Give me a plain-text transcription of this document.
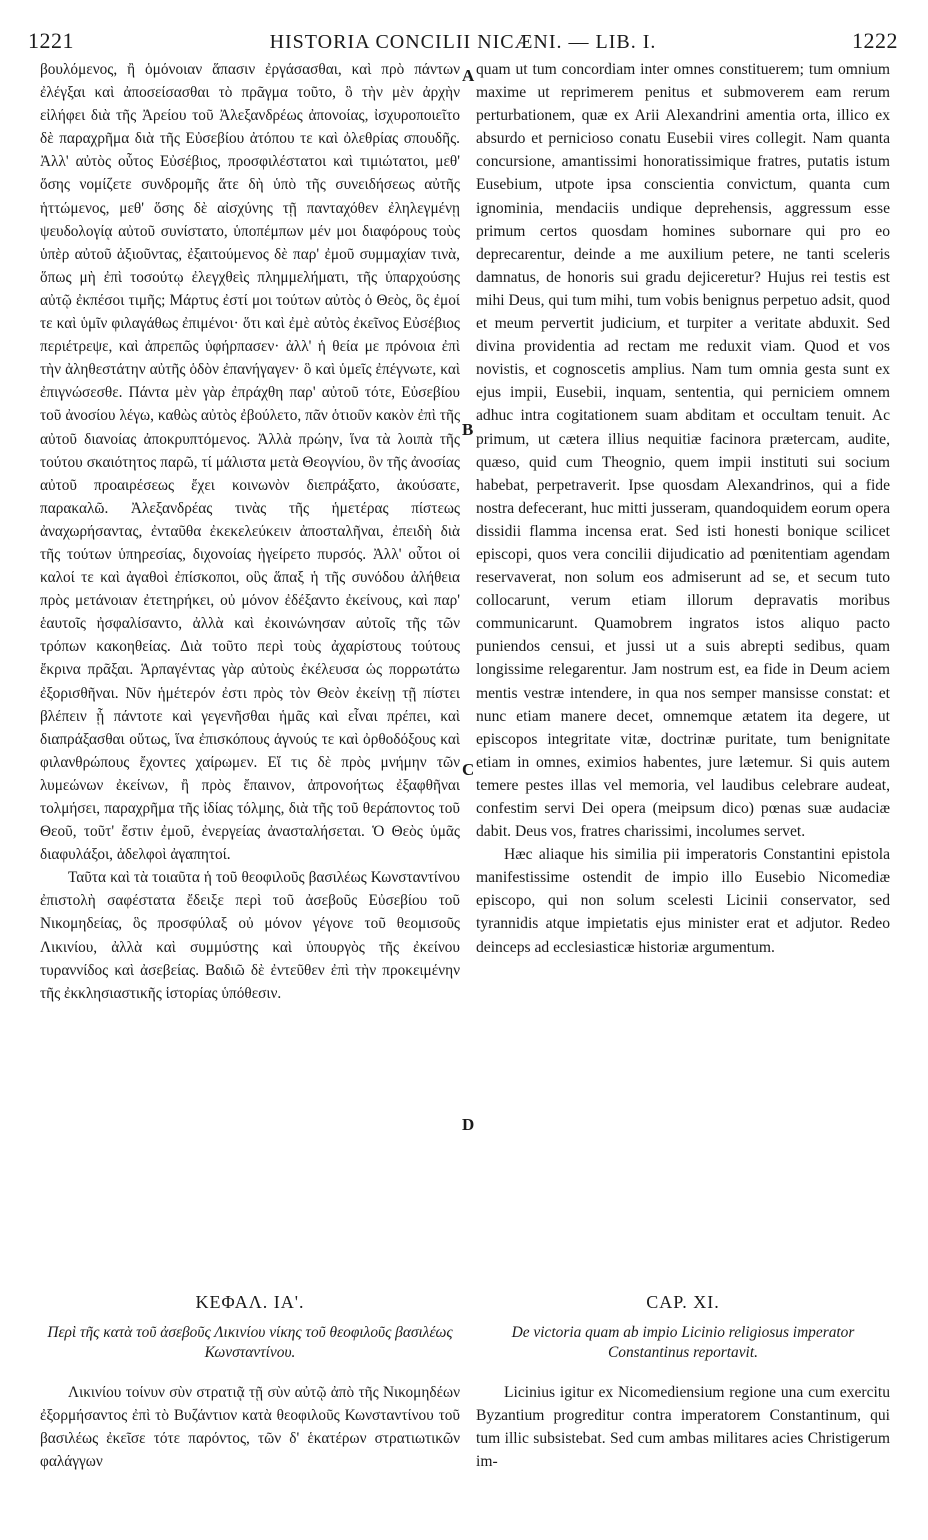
1221	HISTORIA CONCILII NICÆNI. — LIB. I.	1222

βουλόμενος, ἢ ὁμόνοιαν ἅπασιν ἐργάσασθαι, καὶ πρὸ πάντων ἐλέγξαι καὶ ἀποσείσασθαι τὸ πρᾶγμα τοῦτο, ὃ τὴν μὲν ἀρχὴν εἰλήφει διὰ τῆς Ἀρείου τοῦ Ἀλεξανδρέως ἀπονοίας, ἰσχυροποιεῖτο δὲ παραχρῆμα διὰ τῆς Εὐσεβίου ἀτόπου τε καὶ ὀλεθρίας σπουδῆς. Ἀλλ' αὐτὸς οὗτος Εὐσέβιος, προσφιλέστατοι καὶ τιμιώτατοι, μεθ' ὅσης νομίζετε συνδρομῆς ἅτε δὴ ὑπὸ τῆς συνειδήσεως αὐτῆς ἡττώμενος, μεθ' ὅσης δὲ αἰσχύνης τῇ πανταχόθεν ἐληλεγμένῃ ψευδολογίᾳ αὐτοῦ συνίστατο, ὑποπέμπων μέν μοι διαφόρους τοὺς ὑπὲρ αὐτοῦ ἀξιοῦντας, ἐξαιτούμενος δὲ παρ' ἐμοῦ συμμαχίαν τινὰ, ὅπως μὴ ἐπὶ τοσούτῳ ἐλεγχθεὶς πλημμελήματι, τῆς ὑπαρχούσης αὐτῷ ἐκπέσοι τιμῆς; Μάρτυς ἐστί μοι τούτων αὐτὸς ὁ Θεὸς, ὃς ἐμοί τε καὶ ὑμῖν φιλαγάθως ἐπιμένοι· ὅτι καὶ ἐμὲ αὐτὸς ἐκεῖνος Εὐσέβιος περιέτρεψε, καὶ ἀπρεπῶς ὑφήρπασεν· ἀλλ' ἡ θεία με πρόνοια ἐπὶ τὴν ἀληθεστάτην αὐτῆς ὁδὸν ἐπανήγαγεν· ὃ καὶ ὑμεῖς ἐπέγνωτε, καὶ ἐπιγνώσεσθε. Πάντα μὲν γὰρ ἐπράχθη παρ' αὐτοῦ τότε, Εὐσεβίου τοῦ ἀνοσίου λέγω, καθὼς αὐτὸς ἐβούλετο, πᾶν ὁτιοῦν κακὸν ἐπὶ τῆς αὐτοῦ διανοίας ἀποκρυπτόμενος. Ἀλλὰ πρώην, ἵνα τὰ λοιπὰ τῆς τούτου σκαιότητος παρῶ, τί μάλιστα μετὰ Θεογνίου, ὃν τῆς ἀνοσίας αὐτοῦ προαιρέσεως ἔχει κοινωνὸν διεπράξατο, ἀκούσατε, παρακαλῶ. Ἀλεξανδρέας τινὰς τῆς ἡμετέρας πίστεως ἀναχωρήσαντας, ἐνταῦθα ἐκεκελεύκειν ἀποσταλῆναι, ἐπειδὴ διὰ τῆς τούτων ὑπηρεσίας, διχονοίας ἠγείρετο πυρσός. Ἀλλ' οὗτοι οἱ καλοί τε καὶ ἀγαθοὶ ἐπίσκοποι, οὓς ἅπαξ ἡ τῆς συνόδου ἀλήθεια πρὸς μετάνοιαν ἐτετηρήκει, οὐ μόνον ἐδέξαντο ἐκείνους, καὶ παρ' ἑαυτοῖς ἠσφαλίσαντο, ἀλλὰ καὶ ἐκοινώνησαν αὐτοῖς τῆς τῶν τρόπων κακοηθείας. Διὰ τοῦτο περὶ τοὺς ἀχαρίστους τούτους ἔκρινα πρᾶξαι. Ἁρπαγέντας γὰρ αὐτοὺς ἐκέλευσα ὡς πορρωτάτω ἐξορισθῆναι. Νῦν ἡμέτερόν ἐστι πρὸς τὸν Θεὸν ἐκείνῃ τῇ πίστει βλέπειν ᾗ πάντοτε καὶ γεγενῆσθαι ἡμᾶς καὶ εἶναι πρέπει, καὶ διαπράξασθαι οὕτως, ἵνα ἐπισκόπους ἁγνούς τε καὶ ὀρθοδόξους καὶ φιλανθρώπους ἔχοντες χαίρωμεν. Εἴ τις δὲ πρὸς μνήμην τῶν λυμεώνων ἐκείνων, ἢ πρὸς ἔπαινον, ἀπρονοήτως ἐξαφθῆναι τολμήσει, παραχρῆμα τῆς ἰδίας τόλμης, διὰ τῆς τοῦ θεράποντος τοῦ Θεοῦ, τοῦτ' ἔστιν ἐμοῦ, ἐνεργείας ἀνασταλήσεται. Ὁ Θεὸς ὑμᾶς διαφυλάξοι, ἀδελφοὶ ἀγαπητοί.

Ταῦτα καὶ τὰ τοιαῦτα ἡ τοῦ θεοφιλοῦς βασιλέως Κωνσταντίνου ἐπιστολὴ σαφέστατα ἔδειξε περὶ τοῦ ἀσεβοῦς Εὐσεβίου τοῦ Νικομηδείας, ὃς προσφύλαξ οὐ μόνον γέγονε τοῦ θεομισοῦς Λικινίου, ἀλλὰ καὶ συμμύστης καὶ ὑπουργὸς τῆς ἐκείνου τυραννίδος καὶ ἀσεβείας. Βαδιῶ δὲ ἐντεῦθεν ἐπὶ τὴν προκειμένην τῆς ἐκκλησιαστικῆς ἱστορίας ὑπόθεσιν.

quam ut tum concordiam inter omnes constituerem; tum omnium maxime ut reprimerem penitus et submoverem eam rerum perturbationem, quæ ex Arii Alexandrini amentia orta, illico ex absurdo et pernicioso conatu Eusebii vires collegit. Nam quanta concursione, amantissimi honoratissimique fratres, putatis istum Eusebium, utpote ipsa conscientia convictum, quanta cum ignominia, mendaciis undique deprehensis, aggressum esse primum certos quosdam homines subornare qui pro eo deprecarentur, deinde a me auxilium petere, ne tanti sceleris damnatus, de honoris sui gradu dejiceretur? Hujus rei testis est mihi Deus, qui tum mihi, tum vobis benignus perpetuo adsit, quod et meum pervertit judicium, et turpiter a veritate abduxit. Sed divina providentia ad rectam me reduxit viam. Quod et vos novistis, et cognoscetis amplius. Nam tum omnia gesta sunt ex ejus impii, Eusebii, inquam, sententia, qui perniciem omnem adhuc intra cogitationem suam abditam et occultam tenuit. Ac primum, ut cætera illius nequitiæ facinora prætercam, audite, quæso, quid cum Theognio, quem impii instituti sui socium habebat, perpetraverit. Ipse quosdam Alexandrinos, qui a fide nostra defecerant, huc mitti jusseram, quandoquidem eorum opera dissidii flamma incensa erat. Sed isti honesti bonique scilicet episcopi, quos vera concilii dijudicatio ad pœnitentiam agendam reservaverat, non solum eos admiserunt ad se, et secum tuto collocarunt, verum etiam illorum depravatis moribus communicarunt. Quamobrem ingratos istos aliquo pacto puniendos censui, et jussi ut a suis abrepti sedibus, quam longissime relegarentur. Jam nostrum est, ea fide in Deum aciem mentis vestræ intendere, in qua nos semper mansisse constat: et nunc etiam manere decet, omnemque ætatem ita degere, ut episcopos integritate vitæ, doctrinæ puritate, tum benignitate etiam in omnes, eximios habentes, jure lætemur. Si quis autem temere pestes illas vel memoria, vel laudibus celebrare audeat, confestim servi Dei opera (meipsum dico) pœnas suæ audaciæ dabit. Deus vos, fratres charissimi, incolumes servet.

Hæc aliaque his similia pii imperatoris Constantini epistola manifestissime ostendit de impio illo Eusebio Nicomediæ episcopo, qui non solum scelesti Licinii conservator, sed tyrannidis atque impietatis ejus minister erat et adjutor. Redeo deinceps ad ecclesiasticæ historiæ argumentum.

A
B
C
D
ΚΕΦΑΛ. ΙΑ'.
Περὶ τῆς κατὰ τοῦ ἀσεβοῦς Λικινίου νίκης τοῦ θεοφιλοῦς βασιλέως Κωνσταντίνου.
Λικινίου τοίνυν σὺν στρατιᾷ τῇ σὺν αὐτῷ ἀπὸ τῆς Νικομηδέων ἐξορμήσαντος ἐπὶ τὸ Βυζάντιον κατὰ θεοφιλοῦς Κωνσταντίνου τοῦ βασιλέως ἐκεῖσε τότε παρόντος, τῶν δ' ἑκατέρων στρατιωτικῶν φαλάγγων
CAP. XI.
De victoria quam ab impio Licinio religiosus imperator Constantinus reportavit.
Licinius igitur ex Nicomediensium regione una cum exercitu Byzantium progreditur contra imperatorem Constantinum, qui tum illic subsistebat. Sed cum ambas militares acies Christigerum im-
